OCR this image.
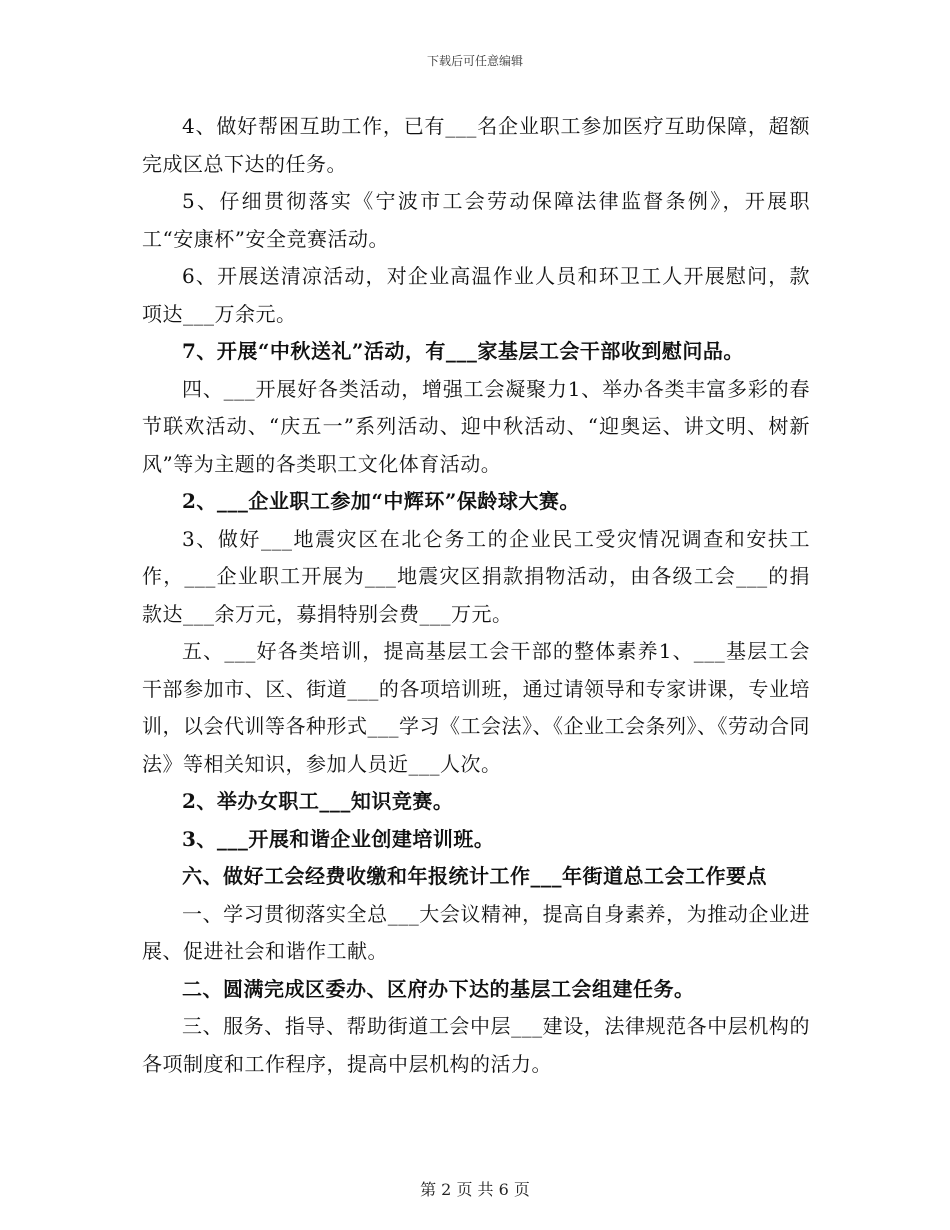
下载后可任意编辑

4、做好帮困互助工作，已有___名企业职工参加医疗互助保障，超额完成区总下达的任务。

5、仔细贯彻落实《宁波市工会劳动保障法律监督条例》，开展职工“安康杯”安全竞赛活动。

6、开展送清凉活动，对企业高温作业人员和环卫工人开展慰问，款项达___万余元。

7、开展“中秋送礼”活动，有___家基层工会干部收到慰问品。

四、___开展好各类活动，增强工会凝聚力1、举办各类丰富多彩的春节联欢活动、“庆五一”系列活动、迎中秋活动、“迎奥运、讲文明、树新风”等为主题的各类职工文化体育活动。

2、___企业职工参加“中辉环”保龄球大赛。

3、做好___地震灾区在北仑务工的企业民工受灾情况调查和安扶工作，___企业职工开展为___地震灾区捐款捐物活动，由各级工会___的捐款达___余万元，募捐特别会费___万元。

五、___好各类培训，提高基层工会干部的整体素养1、___基层工会干部参加市、区、街道___的各项培训班，通过请领导和专家讲课，专业培训，以会代训等各种形式___学习《工会法》、《企业工会条列》、《劳动合同法》等相关知识，参加人员近___人次。

2、举办女职工___知识竞赛。

3、___开展和谐企业创建培训班。

六、做好工会经费收缴和年报统计工作___年街道总工会工作要点

一、学习贯彻落实全总___大会议精神，提高自身素养，为推动企业进展、促进社会和谐作工献。

二、圆满完成区委办、区府办下达的基层工会组建任务。

三、服务、指导、帮助街道工会中层___建设，法律规范各中层机构的各项制度和工作程序，提高中层机构的活力。

第 2 页 共 6 页
